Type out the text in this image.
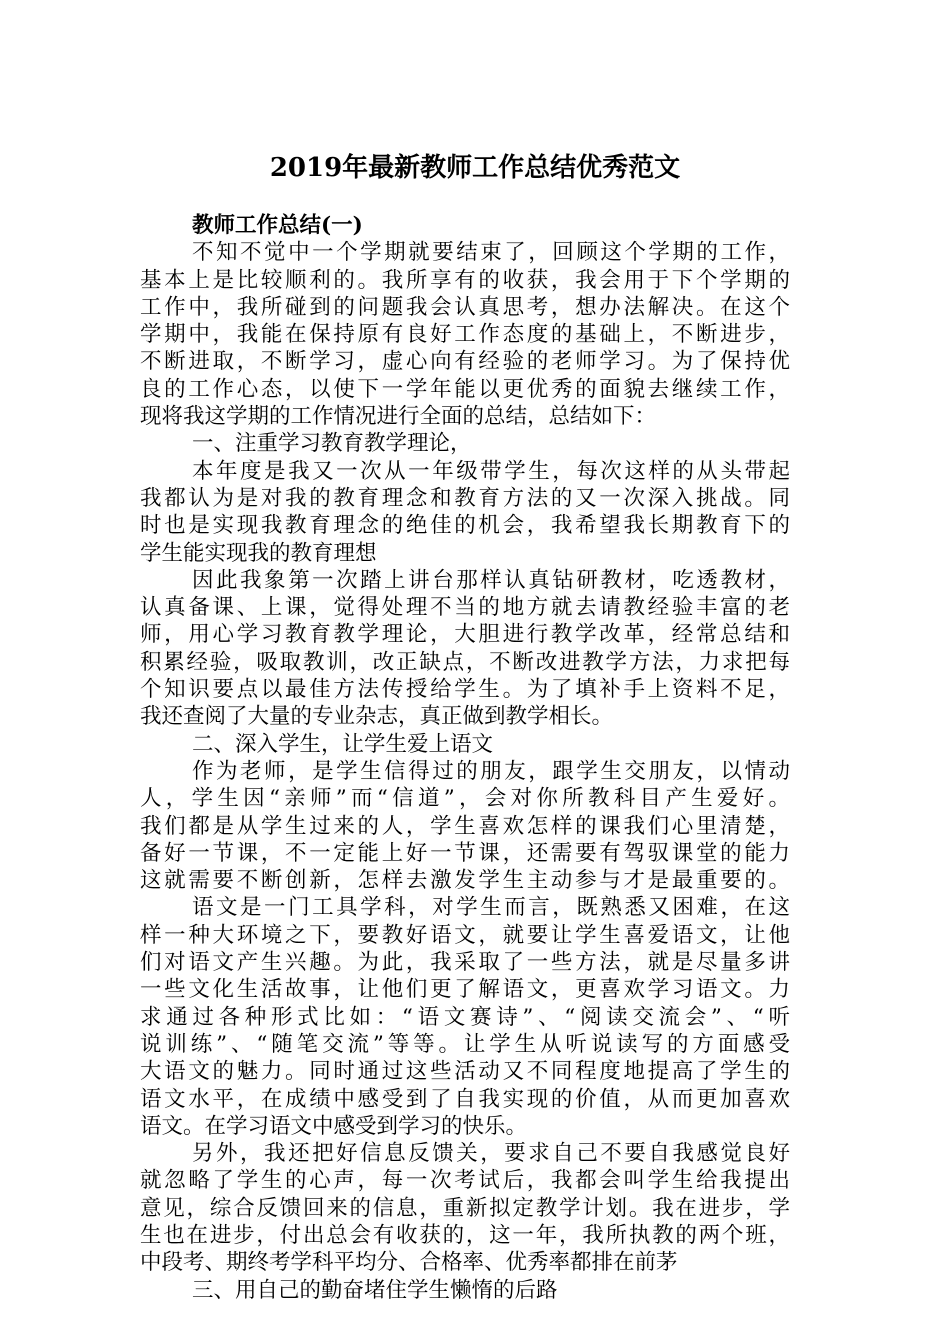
2019年最新教师工作总结优秀范文
教师工作总结(一)
不知不觉中一个学期就要结束了，回顾这个学期的工作，
基本上是比较顺利的。我所享有的收获，我会用于下个学期的
工作中，我所碰到的问题我会认真思考，想办法解决。在这个
学期中，我能在保持原有良好工作态度的基础上，不断进步，
不断进取，不断学习，虚心向有经验的老师学习。为了保持优
良的工作心态，以使下一学年能以更优秀的面貌去继续工作，
现将我这学期的工作情况进行全面的总结，总结如下：
一、注重学习教育教学理论，
本年度是我又一次从一年级带学生，每次这样的从头带起
我都认为是对我的教育理念和教育方法的又一次深入挑战。同
时也是实现我教育理念的绝佳的机会，我希望我长期教育下的
学生能实现我的教育理想
因此我象第一次踏上讲台那样认真钻研教材，吃透教材，
认真备课、上课，觉得处理不当的地方就去请教经验丰富的老
师，用心学习教育教学理论，大胆进行教学改革，经常总结和
积累经验，吸取教训，改正缺点，不断改进教学方法，力求把每
个知识要点以最佳方法传授给学生。为了填补手上资料不足，
我还查阅了大量的专业杂志，真正做到教学相长。
二、深入学生，让学生爱上语文
作为老师，是学生信得过的朋友，跟学生交朋友，以情动
人，学生因“亲师”而“信道”，会对你所教科目产生爱好。
我们都是从学生过来的人，学生喜欢怎样的课我们心里清楚，
备好一节课，不一定能上好一节课，还需要有驾驭课堂的能力
这就需要不断创新，怎样去激发学生主动参与才是最重要的。
语文是一门工具学科，对学生而言，既熟悉又困难，在这
样一种大环境之下，要教好语文，就要让学生喜爱语文，让他
们对语文产生兴趣。为此，我采取了一些方法，就是尽量多讲
一些文化生活故事，让他们更了解语文，更喜欢学习语文。力
求通过各种形式比如：“语文赛诗”、“阅读交流会”、“听
说训练”、“随笔交流”等等。让学生从听说读写的方面感受
大语文的魅力。同时通过这些活动又不同程度地提高了学生的
语文水平，在成绩中感受到了自我实现的价值，从而更加喜欢
语文。在学习语文中感受到学习的快乐。
另外，我还把好信息反馈关，要求自己不要自我感觉良好
就忽略了学生的心声，每一次考试后，我都会叫学生给我提出
意见，综合反馈回来的信息，重新拟定教学计划。我在进步，学
生也在进步，付出总会有收获的，这一年，我所执教的两个班，
中段考、期终考学科平均分、合格率、优秀率都排在前茅
三、用自己的勤奋堵住学生懒惰的后路
